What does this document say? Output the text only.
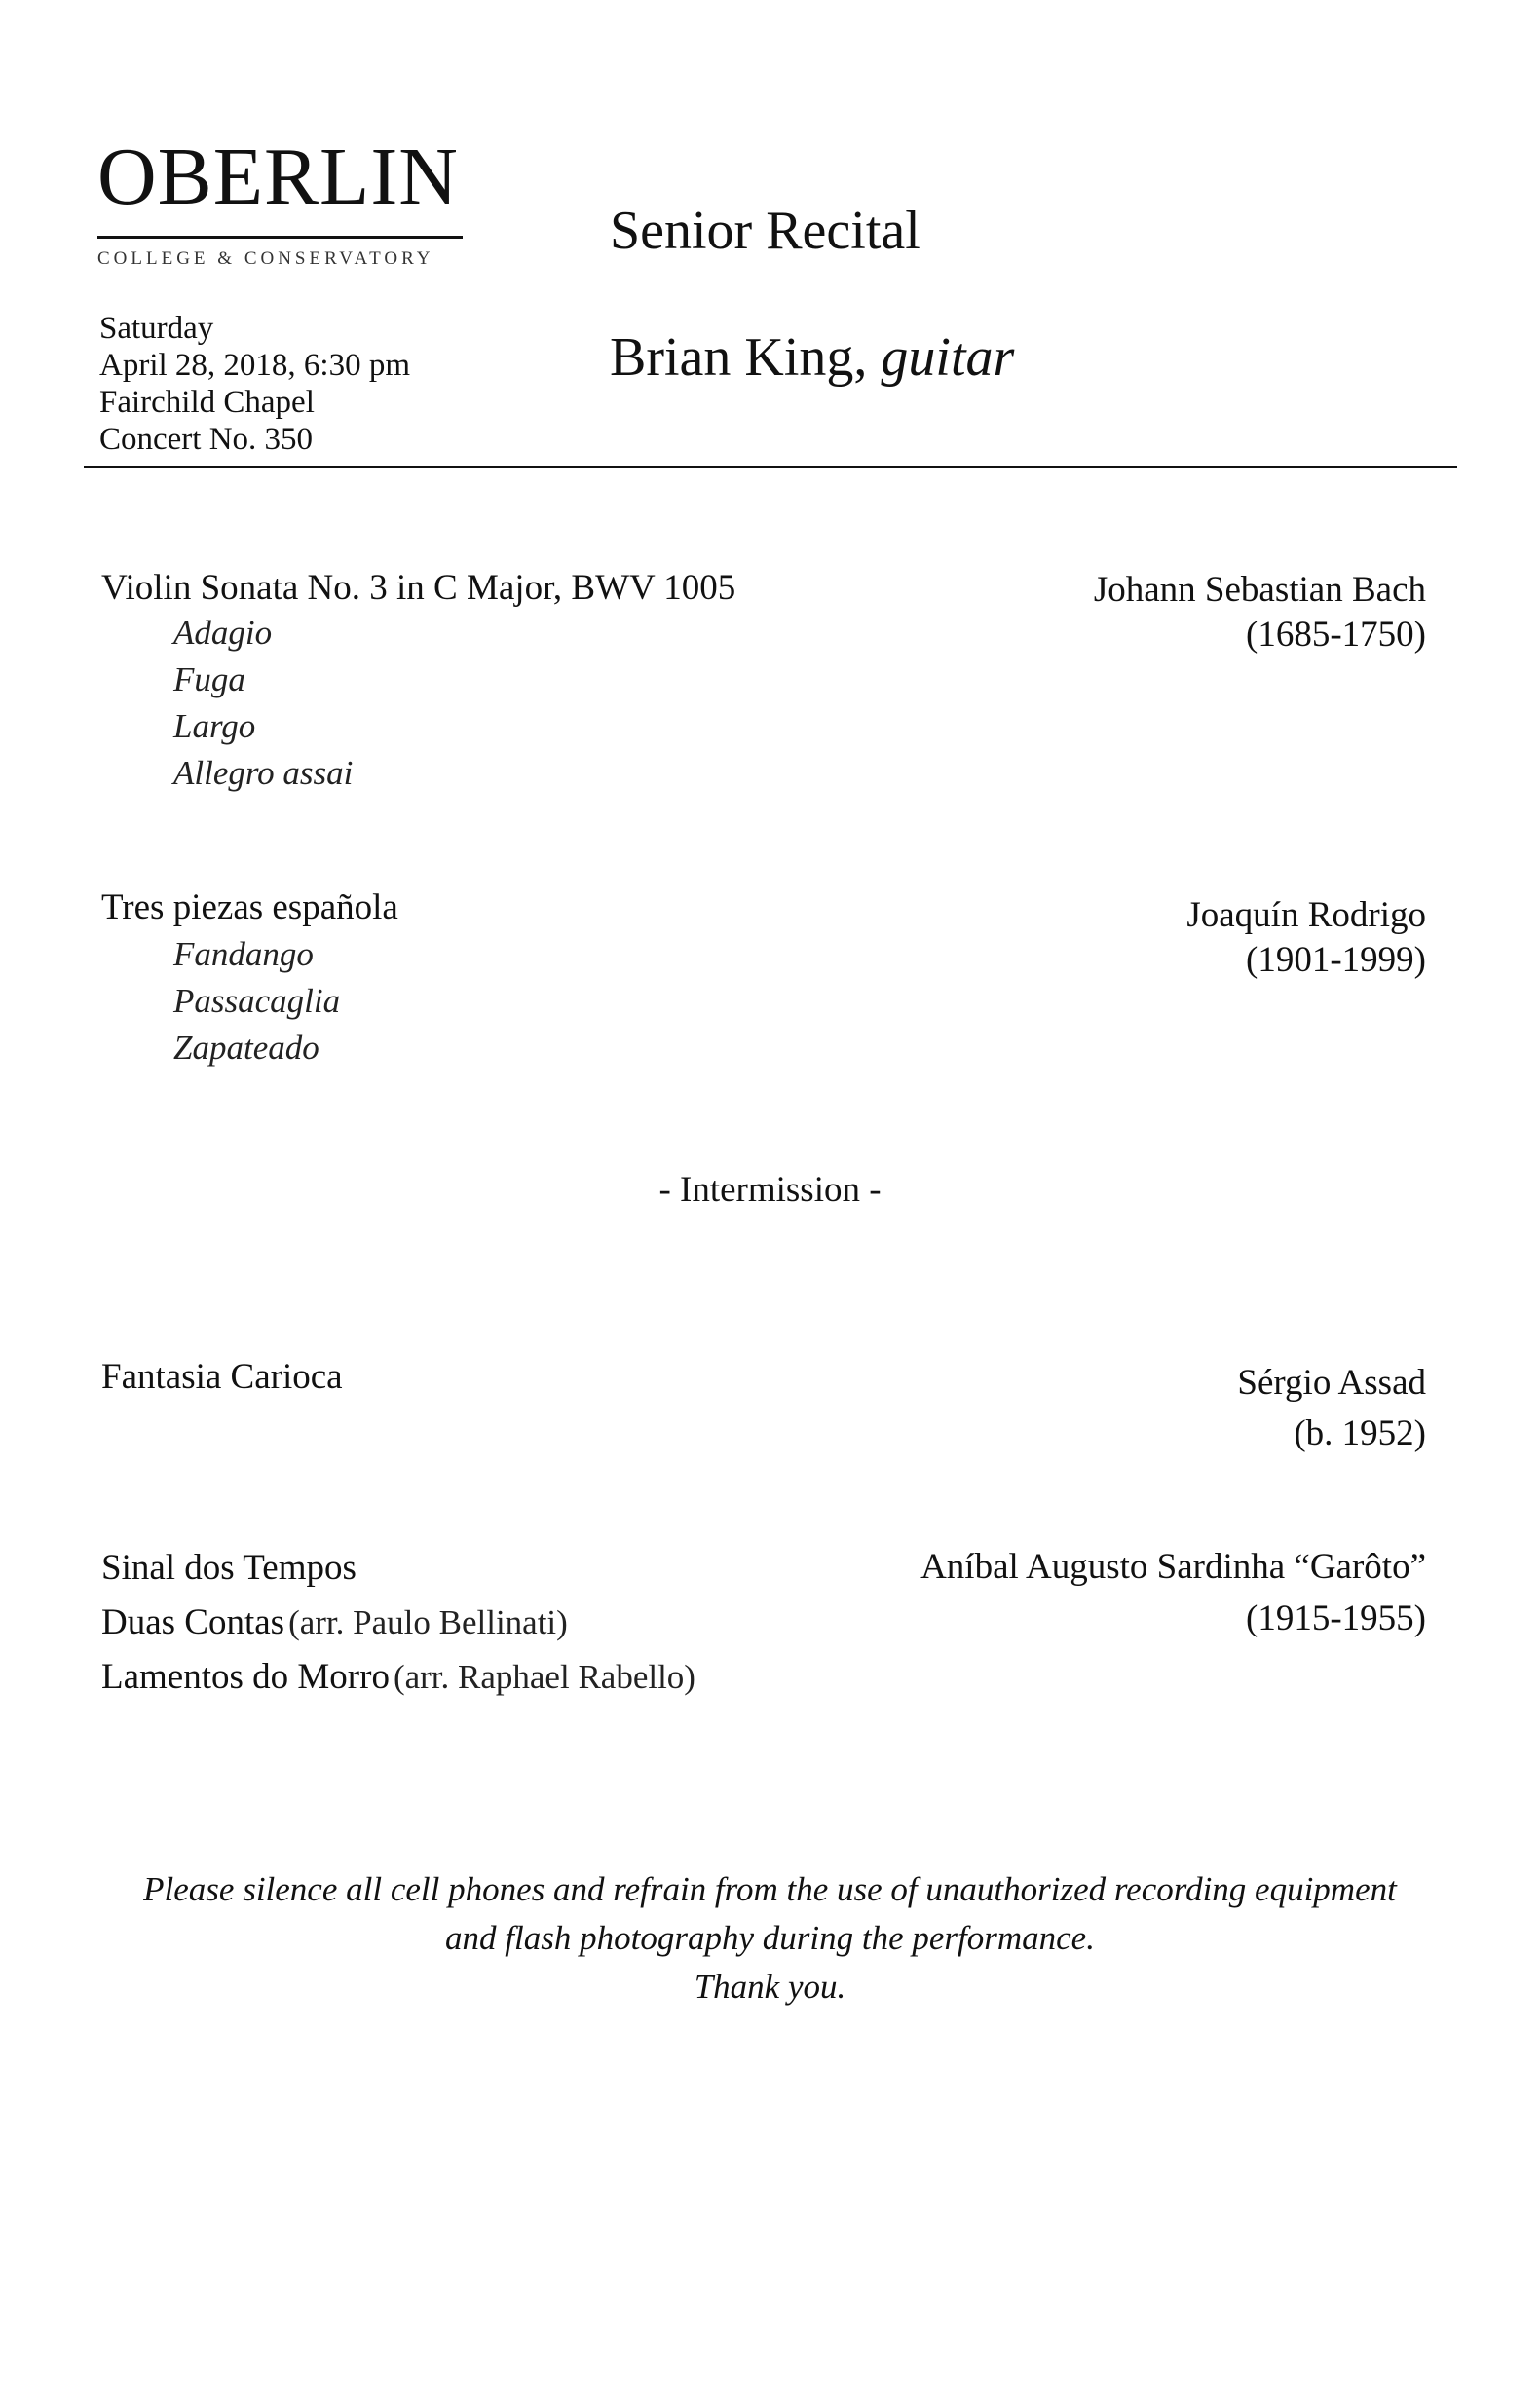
OBERLIN
COLLEGE & CONSERVATORY
Saturday
April 28, 2018, 6:30 pm
Fairchild Chapel
Concert No. 350
Senior Recital
Brian King, guitar
Violin Sonata No. 3 in C Major, BWV 1005
Adagio
Fuga
Largo
Allegro assai
Johann Sebastian Bach
(1685-1750)
Tres piezas española
Fandango
Passacaglia
Zapateado
Joaquín Rodrigo
(1901-1999)
- Intermission -
Fantasia Carioca	Sérgio Assad
(b. 1952)
Sinal dos Tempos
Duas Contas (arr. Paulo Bellinati)
Lamentos do Morro (arr. Raphael Rabello)
Aníbal Augusto Sardinha “Garôto”
(1915-1955)
Please silence all cell phones and refrain from the use of unauthorized recording equipment
and flash photography during the performance.
Thank you.
